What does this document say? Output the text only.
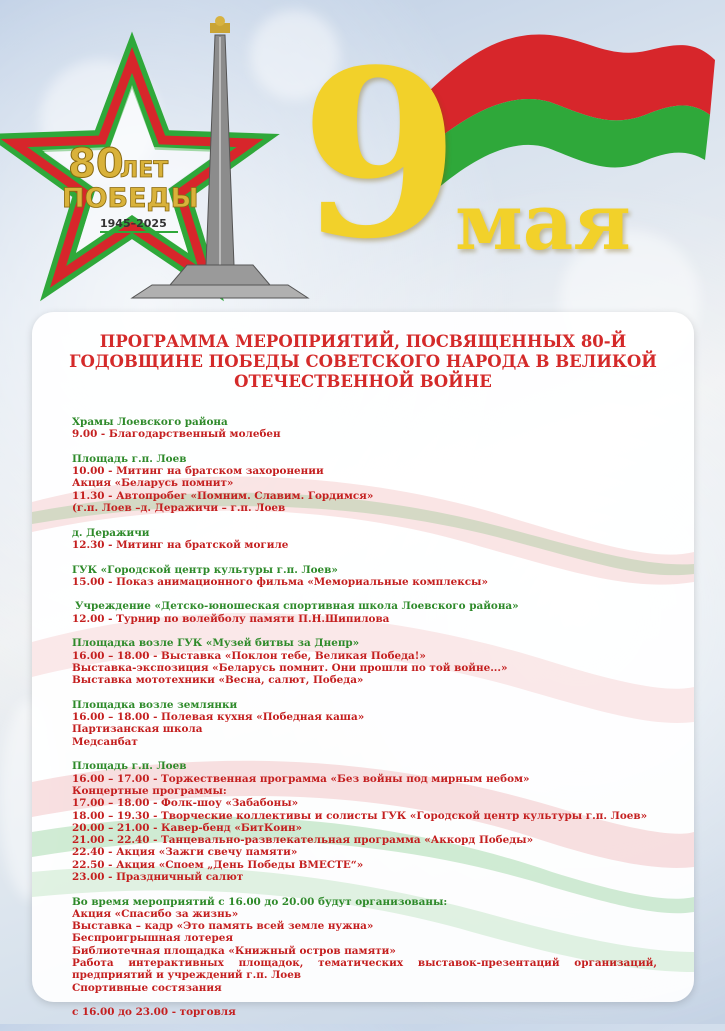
80
ЛЕТ
ПОБЕДЫ
1945–2025 9
мая
ПРОГРАММА МЕРОПРИЯТИЙ, ПОСВЯЩЕННЫХ 80-Й
ГОДОВЩИНЕ ПОБЕДЫ СОВЕТСКОГО НАРОДА В ВЕЛИКОЙ
ОТЕЧЕСТВЕННОЙ ВОЙНЕ
Храмы Лоевского района
9.00 - Благодарственный молебен
Площадь г.п. Лоев
10.00 - Митинг на братском захоронении
Акция «Беларусь помнит»
11.30 - Автопробег «Помним. Славим. Гордимся»
(г.п. Лоев –д. Деражичи – г.п. Лоев
д. Деражичи
12.30 - Митинг на братской могиле
ГУК «Городской центр культуры г.п. Лоев»
15.00 - Показ анимационного фильма «Мемориальные комплексы»
Учреждение «Детско-юношеская спортивная школа Лоевского района»
12.00 - Турнир по волейболу памяти П.Н.Шипилова
Площадка возле ГУК «Музей битвы за Днепр»
16.00 – 18.00 - Выставка «Поклон тебе, Великая Победа!»
Выставка-экспозиция «Беларусь помнит. Они прошли по той войне...»
Выставка мототехники «Весна, салют, Победа»
Площадка возле землянки
16.00 – 18.00 - Полевая кухня «Победная каша»
Партизанская школа
Медсанбат
Площадь г.п. Лоев
16.00 – 17.00 - Торжественная программа «Без войны под мирным небом»
Концертные программы:
17.00 – 18.00 - Фолк-шоу «Забабоны»
18.00 – 19.30 - Творческие коллективы и солисты ГУК «Городской центр культуры г.п. Лоев»
20.00 – 21.00 - Кавер-бенд «БитКоин»
21.00 – 22.40 - Танцевально-развлекательная программа «Аккорд Победы»
22.40 - Акция «Зажги свечу памяти»
22.50 - Акция «Споем „День Победы ВМЕСТЕ“»
23.00 - Праздничный салют
Во время мероприятий с 16.00 до 20.00 будут организованы:
Акция «Спасибо за жизнь»
Выставка – кадр «Это память всей земле нужна»
Беспроигрышная лотерея
Библиотечная площадка «Книжный остров памяти»
Работа интерактивных площадок, тематических выставок-презентаций организаций, предприятий и учреждений г.п. Лоев
Спортивные состязания
с 16.00 до 23.00 - торговля
